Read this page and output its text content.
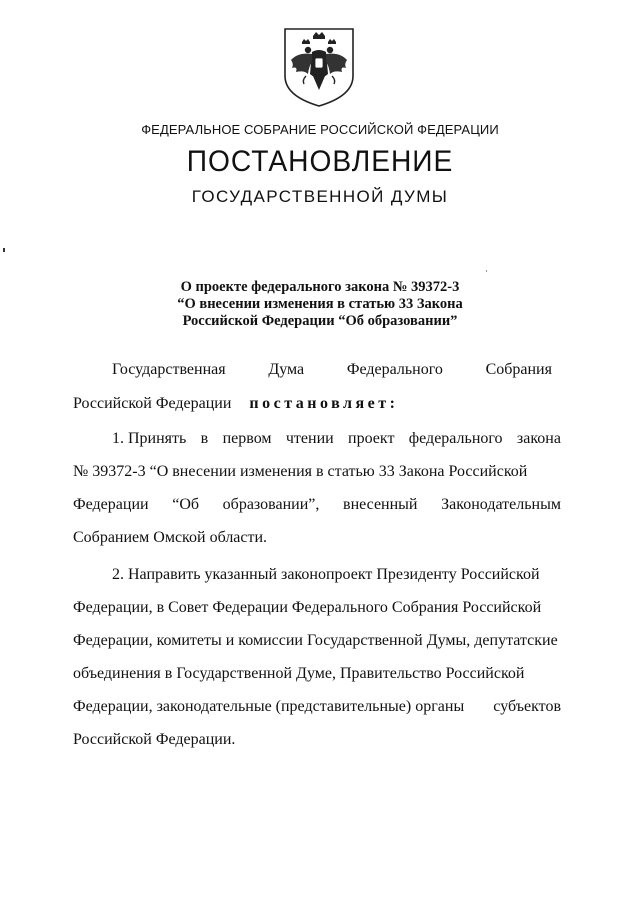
ФЕДЕРАЛЬНОЕ СОБРАНИЕ РОССИЙСКОЙ ФЕДЕРАЦИИ
ПОСТАНОВЛЕНИЕ
ГОСУДАРСТВЕННОЙ ДУМЫ
О проекте федерального закона № 39372-3
“О внесении изменения в статью 33 Закона
Российской Федерации “Об образовании”
Государственная	Дума	Федерального	Собрания
Российской Федерации постановляет:
1. Принять в первом чтении проект федерального закона
№ 39372-3 “О внесении изменения в статью 33 Закона Российской
Федерации “Об образовании”, внесенный Законодательным
Собранием Омской области.
2. Направить указанный законопроект Президенту Российской
Федерации, в Совет Федерации Федерального Собрания Российской
Федерации, комитеты и комиссии Государственной Думы, депутатские
объединения в Государственной Думе, Правительство Российской
Федерации, законодательные (представительные) органы субъектов
Российской Федерации.
